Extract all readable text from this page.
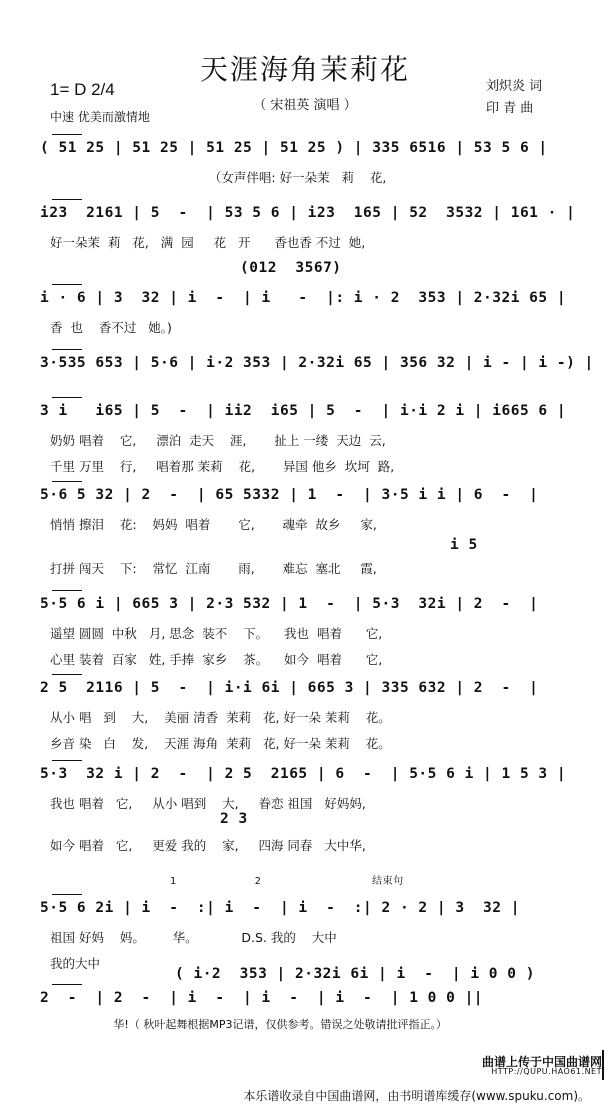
天涯海角茉莉花
（ 宋祖英 演唱 ）
1= D 2/4
中速 优美而激情地
刘炽炎 词
印 青 曲
( 51 25 | 51 25 | 51 25 | 51 25 ) | 335 6516 | 53 5 6 |
（女声伴唱: 好一朵茉   莉    花,
i23  2161 | 5  -  | 53 5 6 | i23  165 | 52  3532 | 161 · |
好一朵茉  莉   花,   满  园     花   开      香也香 不过  她,
(012  3567)
i · 6 | 3  32 | i  -  | i   -  |: i · 2  353 | 2·32i 65 |
香  也    香不过   她。)
3·535 653 | 5·6 | i·2 353 | 2·32i 65 | 356 32 | i - | i -) |
3 i   i65 | 5  -  | ii2  i65 | 5  -  | i·i 2 i | i665 6 |
奶奶 唱着    它,     漂泊  走天    涯,       扯上 一缕  天边  云,
千里 万里    行,     唱着那 茉莉    花,       异国 他乡  坎坷  路,
i 5
5·6 5 32 | 2  -  | 65 5332 | 1  -  | 3·5 i i | 6  -  |
悄悄 擦泪    花:    妈妈  唱着       它,       魂牵  故乡     家,
打拼 闯天    下:    常忆  江南       雨,       难忘  塞北     霞,
5·5 6 i | 665 3 | 2·3 532 | 1  -  | 5·3  32i | 2  -  |
遥望 圆圆  中秋   月, 思念  装不    下。    我也  唱着      它,
心里 装着  百家   姓, 手捧  家乡    茶。    如今  唱着      它,
2 5  2116 | 5  -  | i·i 6i | 665 3 | 335 632 | 2  -  |
从小 唱   到    大,    美丽 清香  茉莉   花, 好一朵 茉莉    花。
乡音 染   白    发,    天涯 海角  茉莉   花, 好一朵 茉莉    花。
2 3
5·3  32 i | 2  -  | 2 5  2165 | 6  -  | 5·5 6 i | 1 5 3 |
我也 唱着   它,     从小 唱到    大,     眷恋 祖国   好妈妈,
如今 唱着   它,     更爱 我的    家,     四海 同春   大中华,
1            2                 结束句
5·5 6 2i | i  -  :| i  -  | i  -  :| 2 · 2 | 3  32 |
祖国 好妈    妈。       华。           D.S. 我的    大中
我的大中
( i·2  353 | 2·32i 6i | i  -  | i 0 0 )
2  -  | 2  -  | i  -  | i  -  | i  -  | 1 0 0 ||
华!（ 秋叶起舞根据MP3记谱，仅供参考。错误之处敬请批评指正。）
曲谱上传于中国曲谱网
HTTP://QUPU.HAO61.NET
本乐谱收录自中国曲谱网，由书明谱库缓存(www.spuku.com)。
